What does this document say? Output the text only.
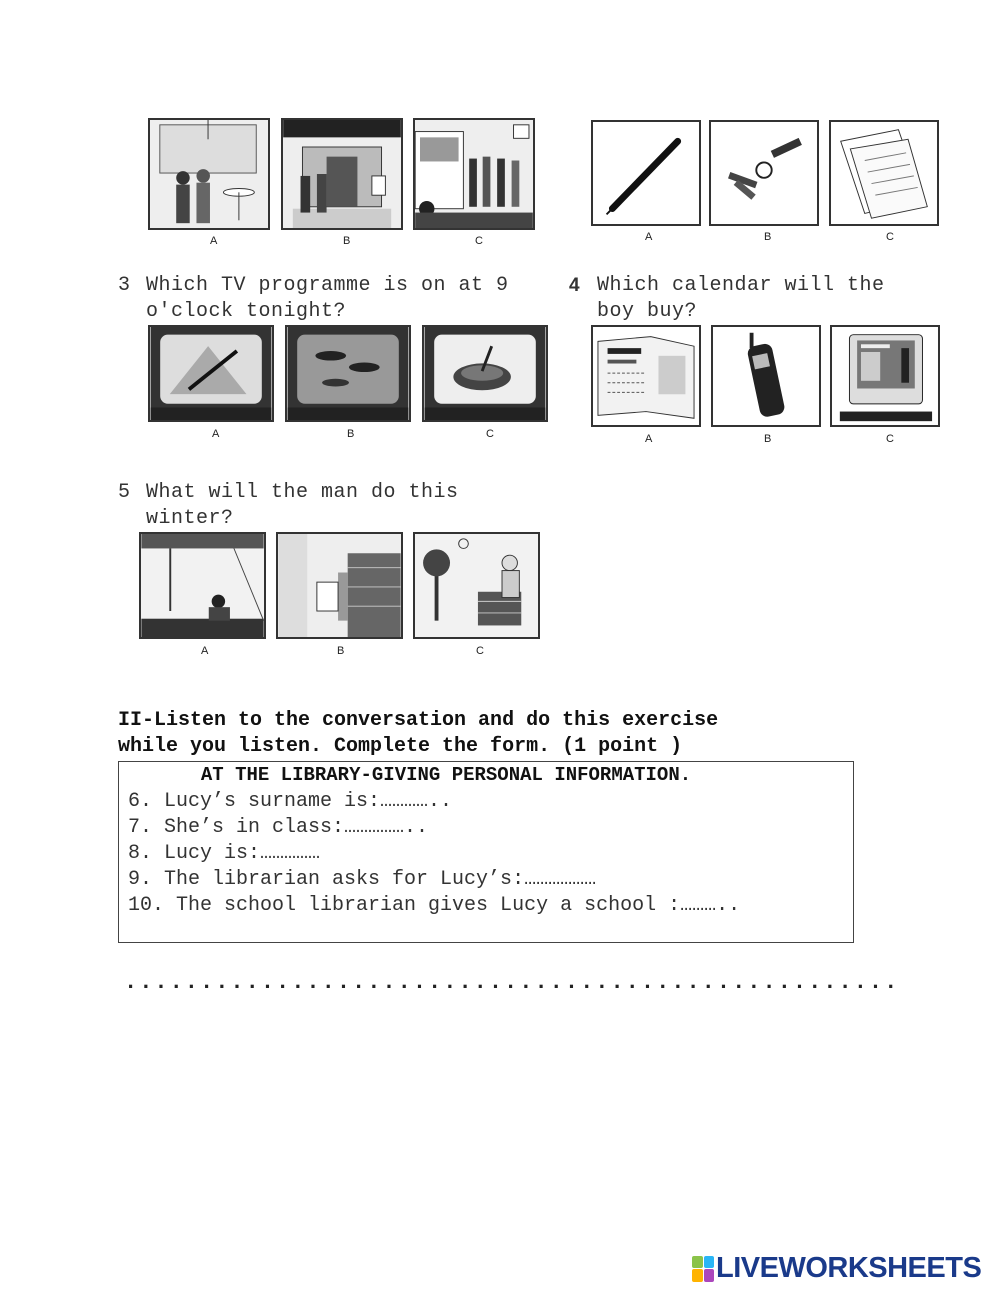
A	B	C	A	B	C
3 Which TV programme is on at 9
o'clock tonight?
A	B	C
4 Which calendar will the
boy buy?
A	B	C
5 What will the man do this
winter?
A	B	C
II-Listen to the conversation and do this exercise
while you listen. Complete the form. (1 point )
AT THE LIBRARY-GIVING PERSONAL INFORMATION.
6. Lucy’s surname is:…………..
7. She’s in class:……………..
8. Lucy is:……………
9. The librarian asks for Lucy’s:………………
10. The school librarian gives Lucy a school :………..
...................................................
LIVEWORKSHEETS
